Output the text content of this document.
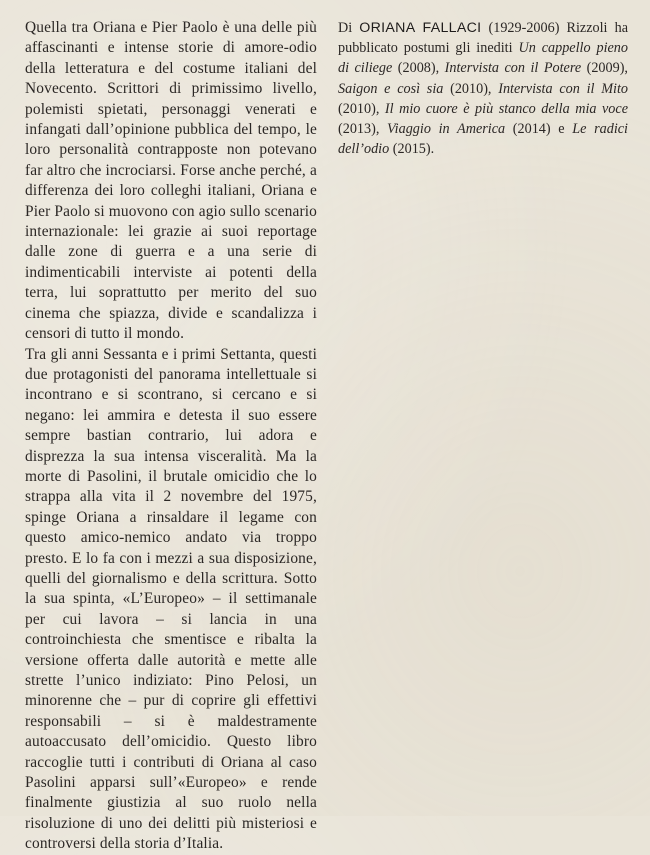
Quella tra Oriana e Pier Paolo è una delle più affascinanti e intense storie di amore-odio della letteratura e del costume italiani del Novecento. Scrittori di primissimo livello, polemisti spietati, personaggi venerati e infangati dall’opinione pubblica del tempo, le loro personalità contrapposte non potevano far altro che incrociarsi. Forse anche perché, a differenza dei loro colleghi italiani, Oriana e Pier Paolo si muovono con agio sullo scenario internazionale: lei grazie ai suoi reportage dalle zone di guerra e a una serie di indimenticabili interviste ai potenti della terra, lui soprattutto per merito del suo cinema che spiazza, divide e scandalizza i censori di tutto il mondo.

Tra gli anni Sessanta e i primi Settanta, questi due protagonisti del panorama intellettuale si incontrano e si scontrano, si cercano e si negano: lei ammira e detesta il suo essere sempre bastian contrario, lui adora e disprezza la sua intensa visceralità. Ma la morte di Pasolini, il brutale omicidio che lo strappa alla vita il 2 novembre del 1975, spinge Oriana a rinsaldare il legame con questo amico-nemico andato via troppo presto. E lo fa con i mezzi a sua disposizione, quelli del giornalismo e della scrittura. Sotto la sua spinta, «L’Europeo» – il settimanale per cui lavora – si lancia in una controinchiesta che smentisce e ribalta la versione offerta dalle autorità e mette alle strette l’unico indiziato: Pino Pelosi, un minorenne che – pur di coprire gli effettivi responsabili – si è maldestramente autoaccusato dell’omicidio. Questo libro raccoglie tutti i contributi di Oriana al caso Pasolini apparsi sull’«Europeo» e rende finalmente giustizia al suo ruolo nella risoluzione di uno dei delitti più misteriosi e controversi della storia d’Italia.

Di ORIANA FALLACI (1929-2006) Rizzoli ha pubblicato postumi gli inediti Un cappello pieno di ciliege (2008), Intervista con il Potere (2009), Saigon e così sia (2010), Intervista con il Mito (2010), Il mio cuore è più stanco della mia voce (2013), Viaggio in America (2014) e Le radici dell’odio (2015).
